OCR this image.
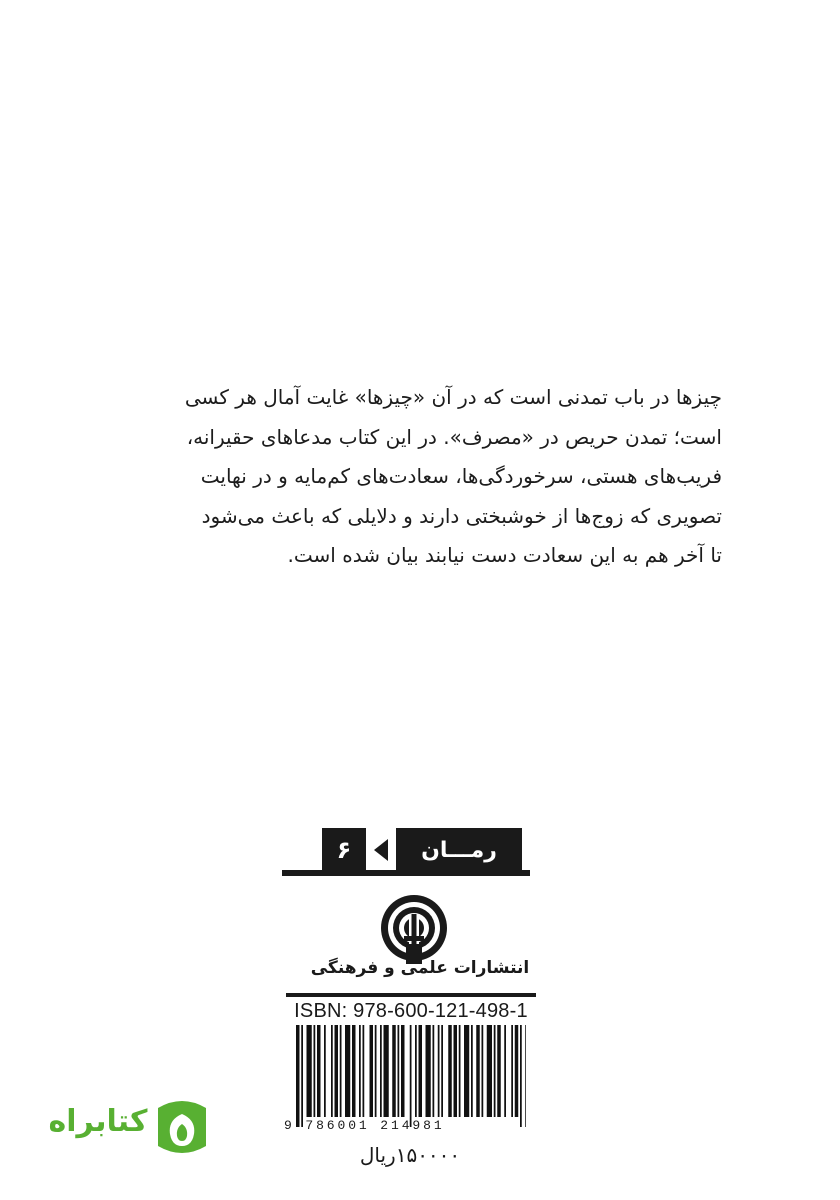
چیزها در باب تمدنی است که در آن «چیزها» غایت آمال هر کسی
است؛ تمدن حریص در «مصرف». در این کتاب مدعاهای حقیرانه،
فریب‌های هستی، سرخوردگی‌ها، سعادت‌های کم‌مایه و در نهایت
تصویری که زوج‌ها از خوشبختی دارند و دلایلی که باعث می‌شود
تا آخر هم به این سعادت دست نیابند بیان شده است.
رمـــان
۶
انتشارات علمی و فرهنگی
ISBN: 978-600-121-498-1
9 786001 214981
۱۵۰۰۰۰ریال
کتابراه
